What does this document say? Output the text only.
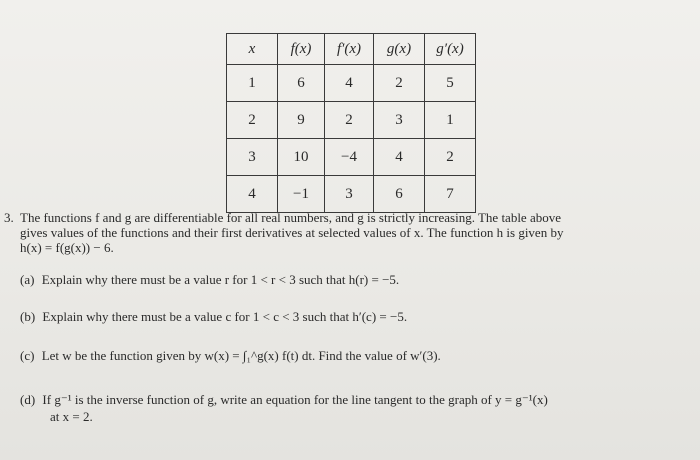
x	f(x)	f′(x)	g(x)	g′(x)
1	6	4	2	5
2	9	2	3	1
3	10	−4	4	2
4	−1	3	6	7
3. The functions f and g are differentiable for all real numbers, and g is strictly increasing. The table above
gives values of the functions and their first derivatives at selected values of x. The function h is given by
h(x) = f(g(x)) − 6.
(a) Explain why there must be a value r for 1 < r < 3 such that h(r) = −5.
(b) Explain why there must be a value c for 1 < c < 3 such that h′(c) = −5.
(c) Let w be the function given by w(x) = ∫₁^g(x) f(t) dt. Find the value of w′(3).
(d) If g⁻¹ is the inverse function of g, write an equation for the line tangent to the graph of y = g⁻¹(x)
at x = 2.
